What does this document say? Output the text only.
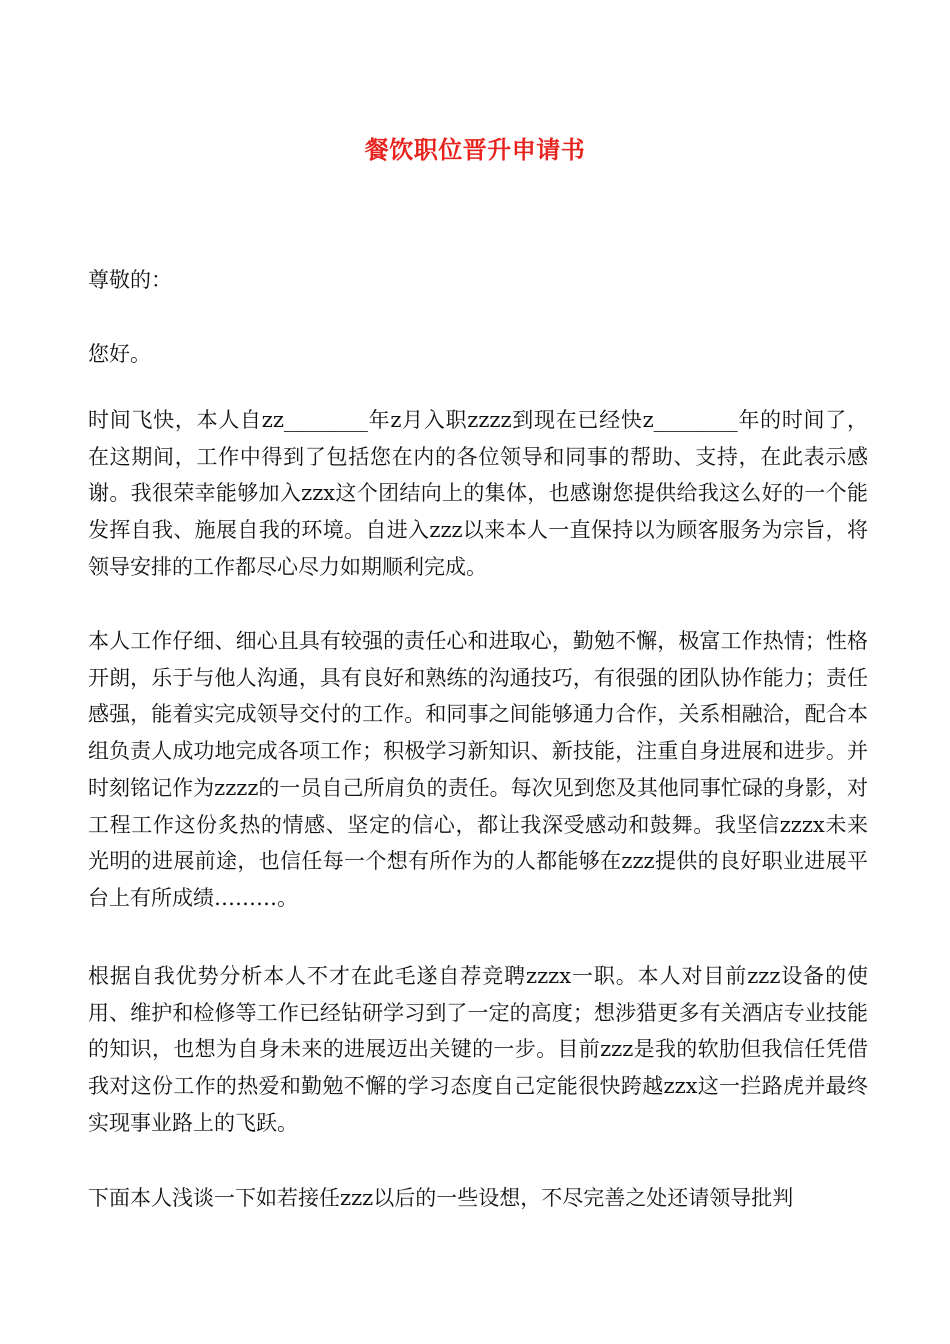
餐饮职位晋升申请书
尊敬的：
您好。
时间飞快，本人自zz________年z月入职zzzz到现在已经快z________年的时间了，在这期间，工作中得到了包括您在内的各位领导和同事的帮助、支持，在此表示感谢。我很荣幸能够加入zzx这个团结向上的集体，也感谢您提供给我这么好的一个能发挥自我、施展自我的环境。自进入zzz以来本人一直保持以为顾客服务为宗旨，将领导安排的工作都尽心尽力如期顺利完成。
本人工作仔细、细心且具有较强的责任心和进取心，勤勉不懈，极富工作热情；性格开朗，乐于与他人沟通，具有良好和熟练的沟通技巧，有很强的团队协作能力；责任感强，能着实完成领导交付的工作。和同事之间能够通力合作，关系相融洽，配合本组负责人成功地完成各项工作；积极学习新知识、新技能，注重自身进展和进步。并时刻铭记作为zzzz的一员自己所肩负的责任。每次见到您及其他同事忙碌的身影，对工程工作这份炙热的情感、坚定的信心，都让我深受感动和鼓舞。我坚信zzzx未来光明的进展前途，也信任每一个想有所作为的人都能够在zzz提供的良好职业进展平台上有所成绩………。
根据自我优势分析本人不才在此毛遂自荐竞聘zzzx一职。本人对目前zzz设备的使用、维护和检修等工作已经钻研学习到了一定的高度；想涉猎更多有关酒店专业技能的知识，也想为自身未来的进展迈出关键的一步。目前zzz是我的软肋但我信任凭借我对这份工作的热爱和勤勉不懈的学习态度自己定能很快跨越zzx这一拦路虎并最终实现事业路上的飞跃。
下面本人浅谈一下如若接任zzz以后的一些设想，不尽完善之处还请领导批判
